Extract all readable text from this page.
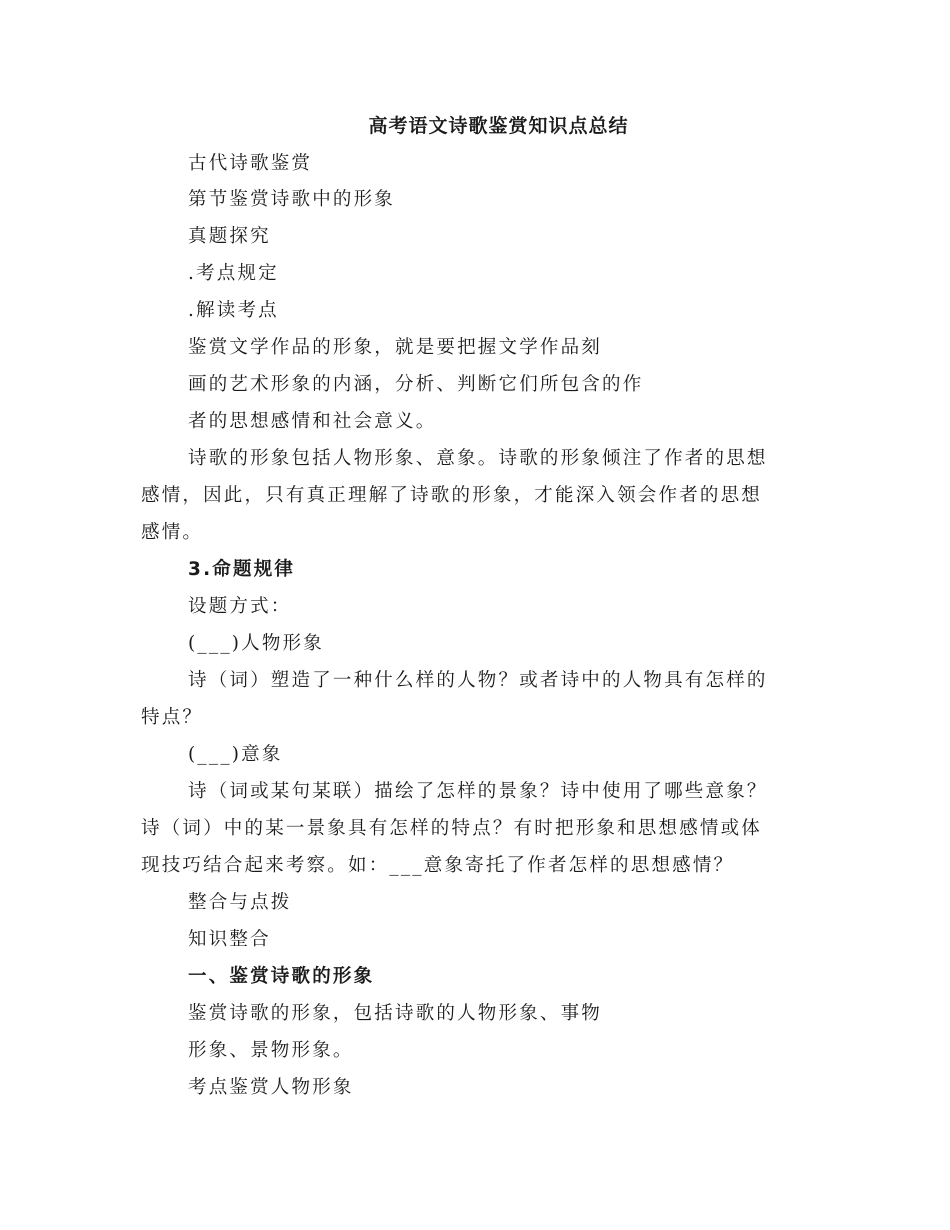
高考语文诗歌鉴赏知识点总结
古代诗歌鉴赏
第节鉴赏诗歌中的形象
真题探究
.考点规定
.解读考点
鉴赏文学作品的形象，就是要把握文学作品刻
画的艺术形象的内涵，分析、判断它们所包含的作
者的思想感情和社会意义。
诗歌的形象包括人物形象、意象。诗歌的形象倾注了作者的思想
感情，因此，只有真正理解了诗歌的形象，才能深入领会作者的思想
感情。
3.命题规律
设题方式：
(___)人物形象
诗（词）塑造了一种什么样的人物？或者诗中的人物具有怎样的
特点？
(___)意象
诗（词或某句某联）描绘了怎样的景象？诗中使用了哪些意象？
诗（词）中的某一景象具有怎样的特点？有时把形象和思想感情或体
现技巧结合起来考察。如：___意象寄托了作者怎样的思想感情？
整合与点拨
知识整合
一、鉴赏诗歌的形象
鉴赏诗歌的形象，包括诗歌的人物形象、事物
形象、景物形象。
考点鉴赏人物形象
